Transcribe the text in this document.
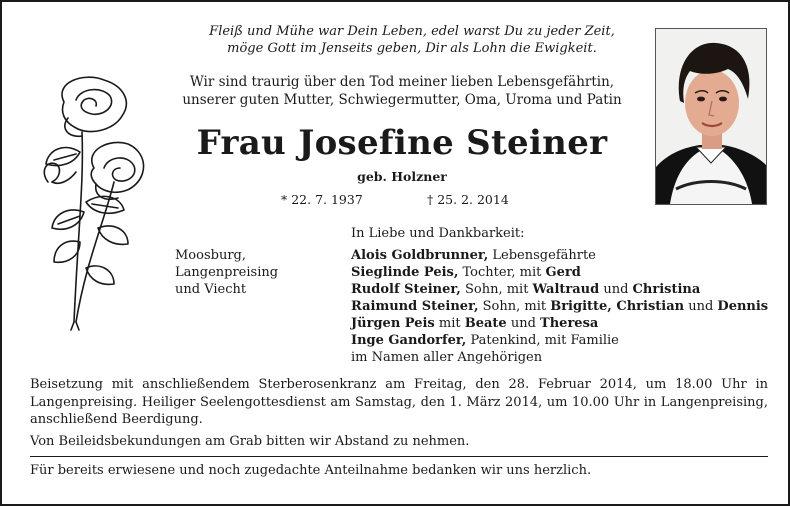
Fleiß und Mühe war Dein Leben, edel warst Du zu jeder Zeit,
möge Gott im Jenseits geben, Dir als Lohn die Ewigkeit.
Wir sind traurig über den Tod meiner lieben Lebensgefährtin,
unserer guten Mutter, Schwiegermutter, Oma, Uroma und Patin
Frau Josefine Steiner
geb. Holzner
* 22. 7. 1937	† 25. 2. 2014
In Liebe und Dankbarkeit:
Moosburg,
Langenpreising
und Viecht
Alois Goldbrunner, Lebensgefährte
Sieglinde Peis, Tochter, mit Gerd
Rudolf Steiner, Sohn, mit Waltraud und Christina
Raimund Steiner, Sohn, mit Brigitte, Christian und Dennis
Jürgen Peis mit Beate und Theresa
Inge Gandorfer, Patenkind, mit Familie
im Namen aller Angehörigen
Beisetzung mit anschließendem Sterberosenkranz am Freitag, den 28. Februar 2014, um 18.00 Uhr in Langenpreising. Heiliger Seelengottesdienst am Samstag, den 1. März 2014, um 10.00 Uhr in Langenpreising, anschließend Beerdigung.
Von Beileidsbekundungen am Grab bitten wir Abstand zu nehmen.
Für bereits erwiesene und noch zugedachte Anteilnahme bedanken wir uns herzlich.
